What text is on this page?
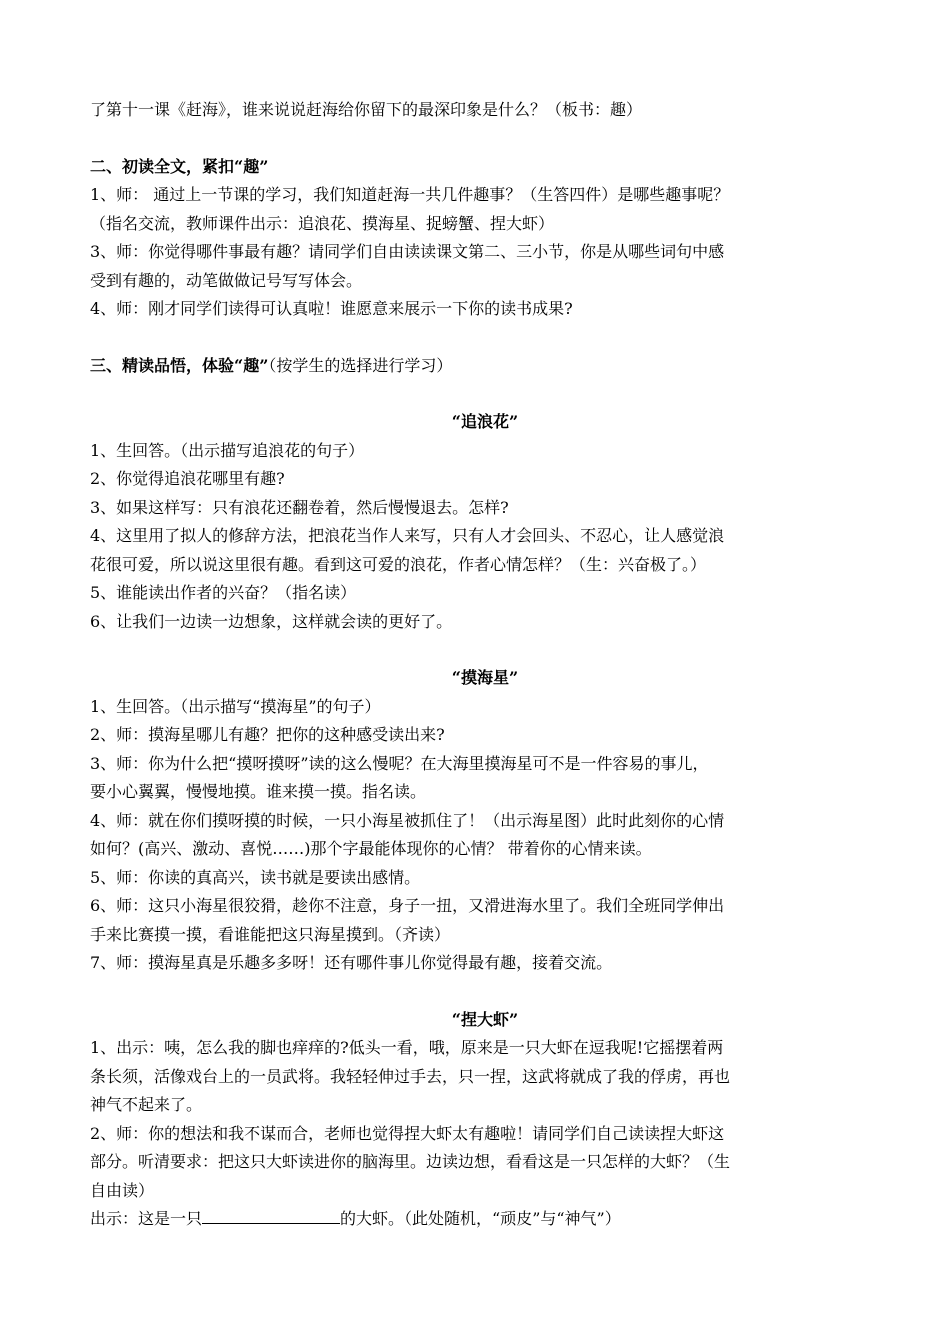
了第十一课《赶海》，谁来说说赶海给你留下的最深印象是什么？（板书：趣）
二、初读全文，紧扣“趣”
1、师： 通过上一节课的学习，我们知道赶海一共几件趣事？（生答四件）是哪些趣事呢？
（指名交流，教师课件出示：追浪花、摸海星、捉螃蟹、捏大虾）
3、师：你觉得哪件事最有趣？请同学们自由读读课文第二、三小节，你是从哪些词句中感
受到有趣的，动笔做做记号写写体会。
4、师：刚才同学们读得可认真啦！谁愿意来展示一下你的读书成果?
三、精读品悟，体验“趣”（按学生的选择进行学习）
“追浪花”
1、生回答。（出示描写追浪花的句子）
2、你觉得追浪花哪里有趣?
3、如果这样写：只有浪花还翻卷着，然后慢慢退去。怎样?
4、这里用了拟人的修辞方法，把浪花当作人来写，只有人才会回头、不忍心，让人感觉浪
花很可爱，所以说这里很有趣。看到这可爱的浪花，作者心情怎样？（生：兴奋极了。）
5、谁能读出作者的兴奋？（指名读）
6、让我们一边读一边想象，这样就会读的更好了。
“摸海星”
1、生回答。（出示描写“摸海星”的句子）
2、师：摸海星哪儿有趣？把你的这种感受读出来?
3、师：你为什么把“摸呀摸呀”读的这么慢呢？在大海里摸海星可不是一件容易的事儿，
要小心翼翼，慢慢地摸。谁来摸一摸。指名读。
4、师：就在你们摸呀摸的时候，一只小海星被抓住了！（出示海星图）此时此刻你的心情
如何？(高兴、激动、喜悦……)那个字最能体现你的心情？ 带着你的心情来读。
5、师：你读的真高兴，读书就是要读出感情。
6、师：这只小海星很狡猾，趁你不注意，身子一扭，又滑进海水里了。我们全班同学伸出
手来比赛摸一摸，看谁能把这只海星摸到。（齐读）
7、师：摸海星真是乐趣多多呀！还有哪件事儿你觉得最有趣，接着交流。
“捏大虾”
1、出示：咦，怎么我的脚也痒痒的?低头一看，哦，原来是一只大虾在逗我呢!它摇摆着两
条长须，活像戏台上的一员武将。我轻轻伸过手去，只一捏，这武将就成了我的俘虏，再也
神气不起来了。
2、师：你的想法和我不谋而合，老师也觉得捏大虾太有趣啦！请同学们自己读读捏大虾这
部分。听清要求：把这只大虾读进你的脑海里。边读边想，看看这是一只怎样的大虾？（生
自由读）
出示：这是一只	的大虾。（此处随机，“顽皮”与“神气”）
